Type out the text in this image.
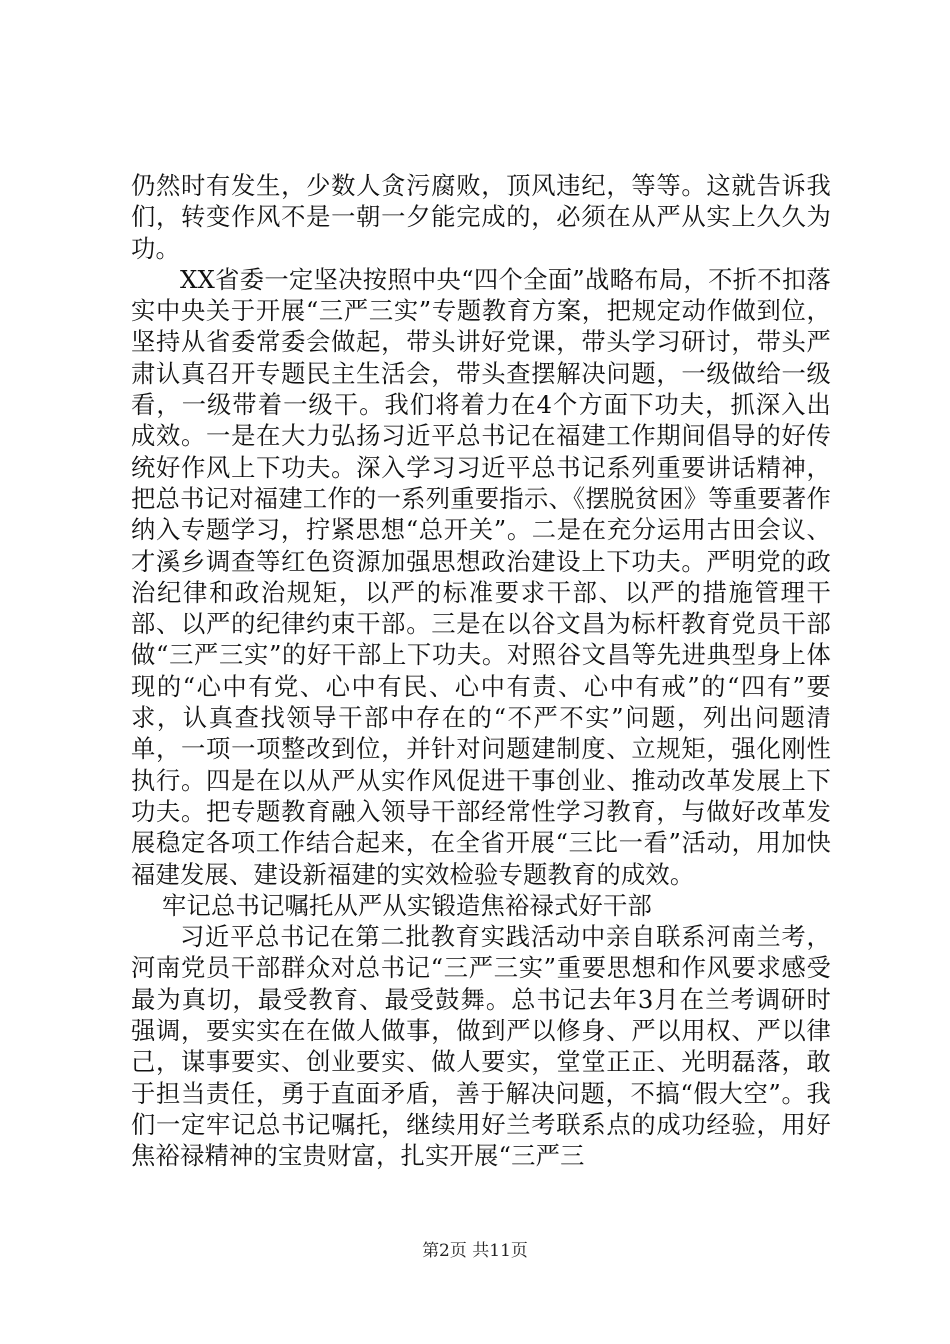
仍然时有发生，少数人贪污腐败，顶风违纪，等等。这就告诉我们，转变作风不是一朝一夕能完成的，必须在从严从实上久久为功。

XX省委一定坚决按照中央“四个全面”战略布局，不折不扣落实中央关于开展“三严三实”专题教育方案，把规定动作做到位，坚持从省委常委会做起，带头讲好党课，带头学习研讨，带头严肃认真召开专题民主生活会，带头查摆解决问题，一级做给一级看，一级带着一级干。我们将着力在4个方面下功夫，抓深入出成效。一是在大力弘扬习近平总书记在福建工作期间倡导的好传统好作风上下功夫。深入学习习近平总书记系列重要讲话精神，把总书记对福建工作的一系列重要指示、《摆脱贫困》等重要著作纳入专题学习，拧紧思想“总开关”。二是在充分运用古田会议、才溪乡调查等红色资源加强思想政治建设上下功夫。严明党的政治纪律和政治规矩，以严的标准要求干部、以严的措施管理干部、以严的纪律约束干部。三是在以谷文昌为标杆教育党员干部做“三严三实”的好干部上下功夫。对照谷文昌等先进典型身上体现的“心中有党、心中有民、心中有责、心中有戒”的“四有”要求，认真查找领导干部中存在的“不严不实”问题，列出问题清单，一项一项整改到位，并针对问题建制度、立规矩，强化刚性执行。四是在以从严从实作风促进干事创业、推动改革发展上下功夫。把专题教育融入领导干部经常性学习教育，与做好改革发展稳定各项工作结合起来，在全省开展“三比一看”活动，用加快福建发展、建设新福建的实效检验专题教育的成效。

牢记总书记嘱托从严从实锻造焦裕禄式好干部

习近平总书记在第二批教育实践活动中亲自联系河南兰考，河南党员干部群众对总书记“三严三实”重要思想和作风要求感受最为真切，最受教育、最受鼓舞。总书记去年3月在兰考调研时强调，要实实在在做人做事，做到严以修身、严以用权、严以律己，谋事要实、创业要实、做人要实，堂堂正正、光明磊落，敢于担当责任，勇于直面矛盾，善于解决问题，不搞“假大空”。我们一定牢记总书记嘱托，继续用好兰考联系点的成功经验，用好焦裕禄精神的宝贵财富，扎实开展“三严三

第2页 共11页
